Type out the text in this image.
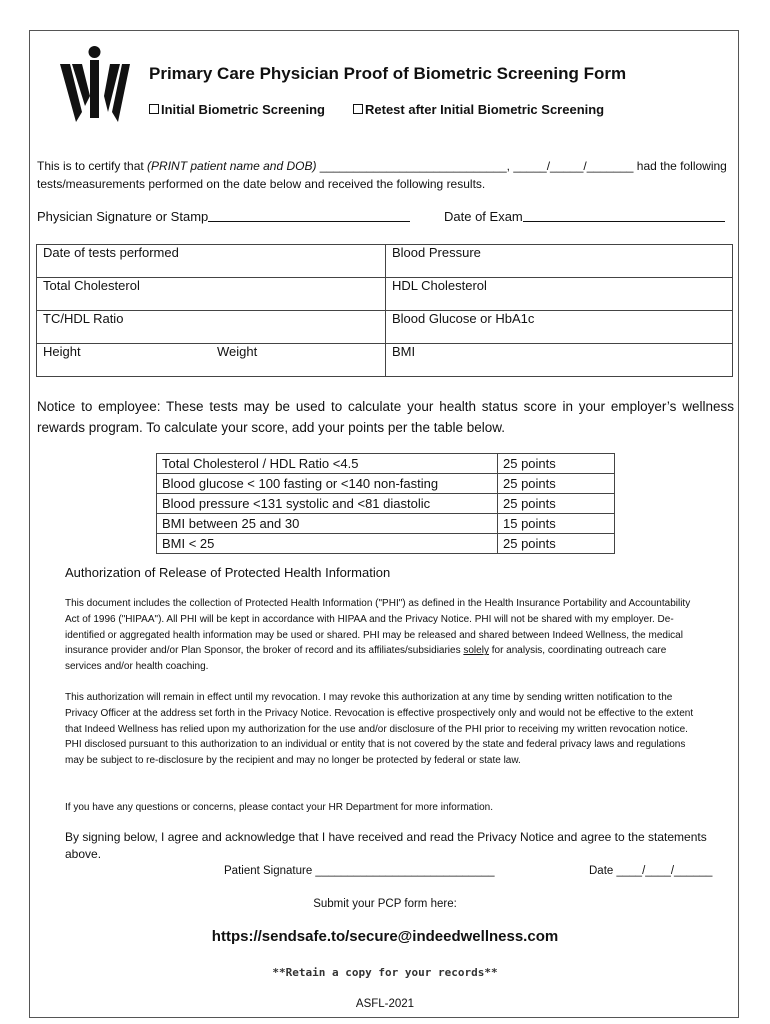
Primary Care Physician Proof of Biometric Screening Form
Initial Biometric Screening	Retest after Initial Biometric Screening
This is to certify that (PRINT patient name and DOB) ____________________________, _____/_____/_______ had the following tests/measurements performed on the date below and received the following results.
Physician Signature or Stamp	Date of Exam
Date of tests performed	Blood Pressure
Total Cholesterol	HDL Cholesterol
TC/HDL Ratio	Blood Glucose or HbA1c
Height Weight	BMI
Notice to employee: These tests may be used to calculate your health status score in your employer’s wellness rewards program. To calculate your score, add your points per the table below.
Total Cholesterol / HDL Ratio <4.5	25 points
Blood glucose < 100 fasting or <140 non-fasting	25 points
Blood pressure <131 systolic and <81 diastolic	25 points
BMI between 25 and 30	15 points
BMI < 25	25 points
Authorization of Release of Protected Health Information
This document includes the collection of Protected Health Information ("PHI") as defined in the Health Insurance Portability and Accountability Act of 1996 ("HIPAA"). All PHI will be kept in accordance with HIPAA and the Privacy Notice. PHI will not be shared with my employer. De-identified or aggregated health information may be used or shared. PHI may be released and shared between Indeed Wellness, the medical insurance provider and/or Plan Sponsor, the broker of record and its affiliates/subsidiaries solely for analysis, coordinating outreach care services and/or health coaching.
This authorization will remain in effect until my revocation. I may revoke this authorization at any time by sending written notification to the Privacy Officer at the address set forth in the Privacy Notice. Revocation is effective prospectively only and would not be effective to the extent that Indeed Wellness has relied upon my authorization for the use and/or disclosure of the PHI prior to receiving my written revocation notice. PHI disclosed pursuant to this authorization to an individual or entity that is not covered by the state and federal privacy laws and regulations may be subject to re-disclosure by the recipient and may no longer be protected by federal or state law.
If you have any questions or concerns, please contact your HR Department for more information.
By signing below, I agree and acknowledge that I have received and read the Privacy Notice and agree to the statements above.
Patient Signature ____________________________	Date ____/____/______
Submit your PCP form here:
https://sendsafe.to/secure@indeedwellness.com
**Retain a copy for your records**
ASFL-2021
